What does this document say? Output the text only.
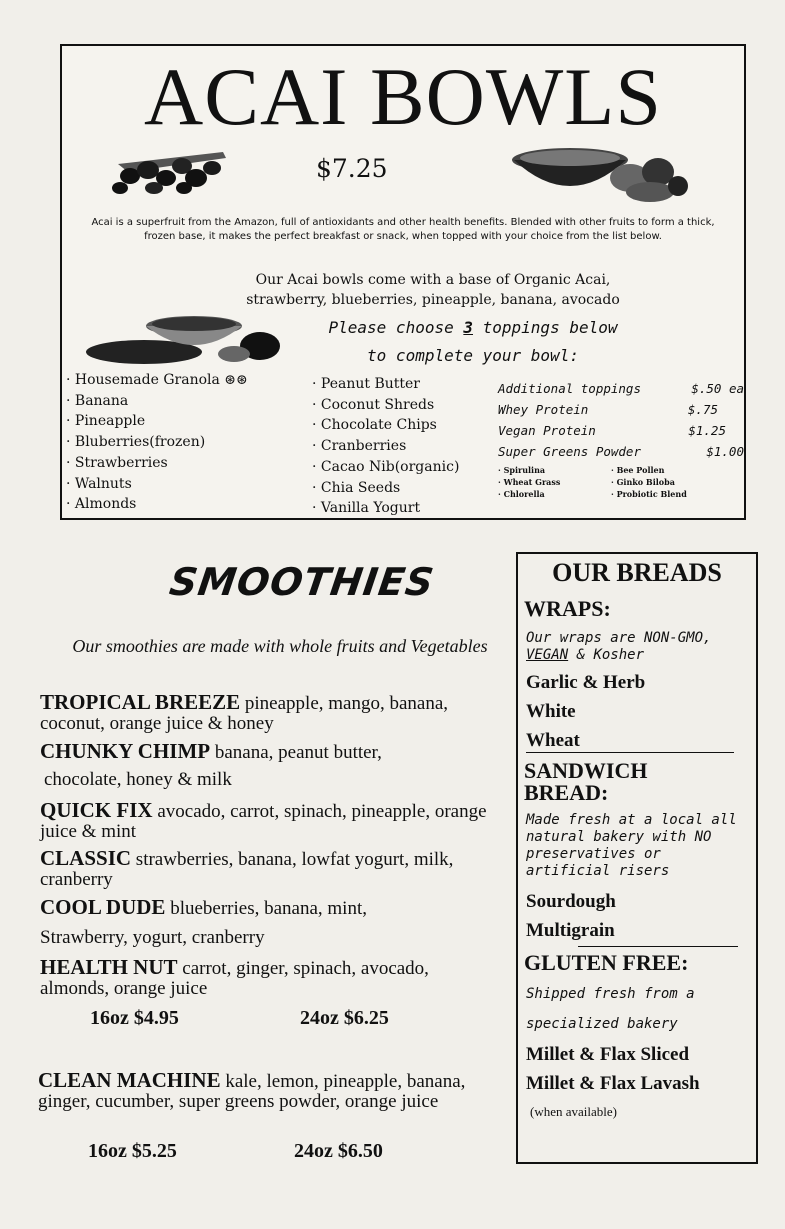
ACAI BOWLS
$7.25
Acai is a superfruit from the Amazon, full of antioxidants and other health benefits. Blended with other fruits to form a thick, frozen base, it makes the perfect breakfast or snack, when topped with your choice from the list below.
Our Acai bowls come with a base of Organic Acai,
strawberry, blueberries, pineapple, banana, avocado
Please choose 3 toppings below
to complete your bowl:
· Housemade Granola ⊛⊛
· Banana
· Pineapple
· Bluberries(frozen)
· Strawberries
· Walnuts
· Almonds
· Peanut Butter
· Coconut Shreds
· Chocolate Chips
· Cranberries
· Cacao Nib(organic)
· Chia Seeds
· Vanilla Yogurt
Additional toppings	$.50 ea
Whey Protein	$.75
Vegan Protein	$1.25
Super Greens Powder	$1.00
· Spirulina	· Bee Pollen
· Wheat Grass	· Ginko Biloba
· Chlorella	· Probiotic Blend
SMOOTHIES
Our smoothies are made with whole fruits and Vegetables
TROPICAL BREEZE pineapple, mango, banana, coconut, orange juice & honey
CHUNKY CHIMP banana, peanut butter,
chocolate, honey & milk
QUICK FIX avocado, carrot, spinach, pineapple, orange juice & mint
CLASSIC strawberries, banana, lowfat yogurt, milk, cranberry
COOL DUDE blueberries, banana, mint,
Strawberry, yogurt, cranberry
HEALTH NUT carrot, ginger, spinach, avocado, almonds, orange juice
16oz $4.95	24oz $6.25
CLEAN MACHINE kale, lemon, pineapple, banana, ginger, cucumber, super greens powder, orange juice
16oz $5.25	24oz $6.50
OUR BREADS
WRAPS:
Our wraps are NON-GMO, VEGAN & Kosher
Garlic & Herb
White
Wheat
SANDWICH
BREAD:
Made fresh at a local all natural bakery with NO preservatives or artificial risers
Sourdough
Multigrain
GLUTEN FREE:
Shipped fresh from a
specialized bakery
Millet & Flax Sliced
Millet & Flax Lavash
(when available)
